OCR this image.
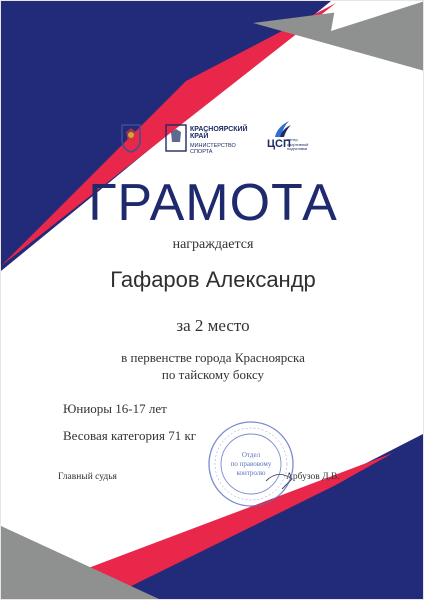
КРАСНОЯРСКИЙ
КРАЙ
МИНИСТЕРСТВО
СПОРТА
ЦСП
центр
спортивной
подготовки
ГРАМОТА
награждается
Гафаров Александр
за 2 место
в первенстве города Красноярска
по тайскому боксу
Юниоры 16-17 лет
Весовая категория 71 кг
Главный судья	Арбузов Д.В.
Отдел
по правовому
контролю
